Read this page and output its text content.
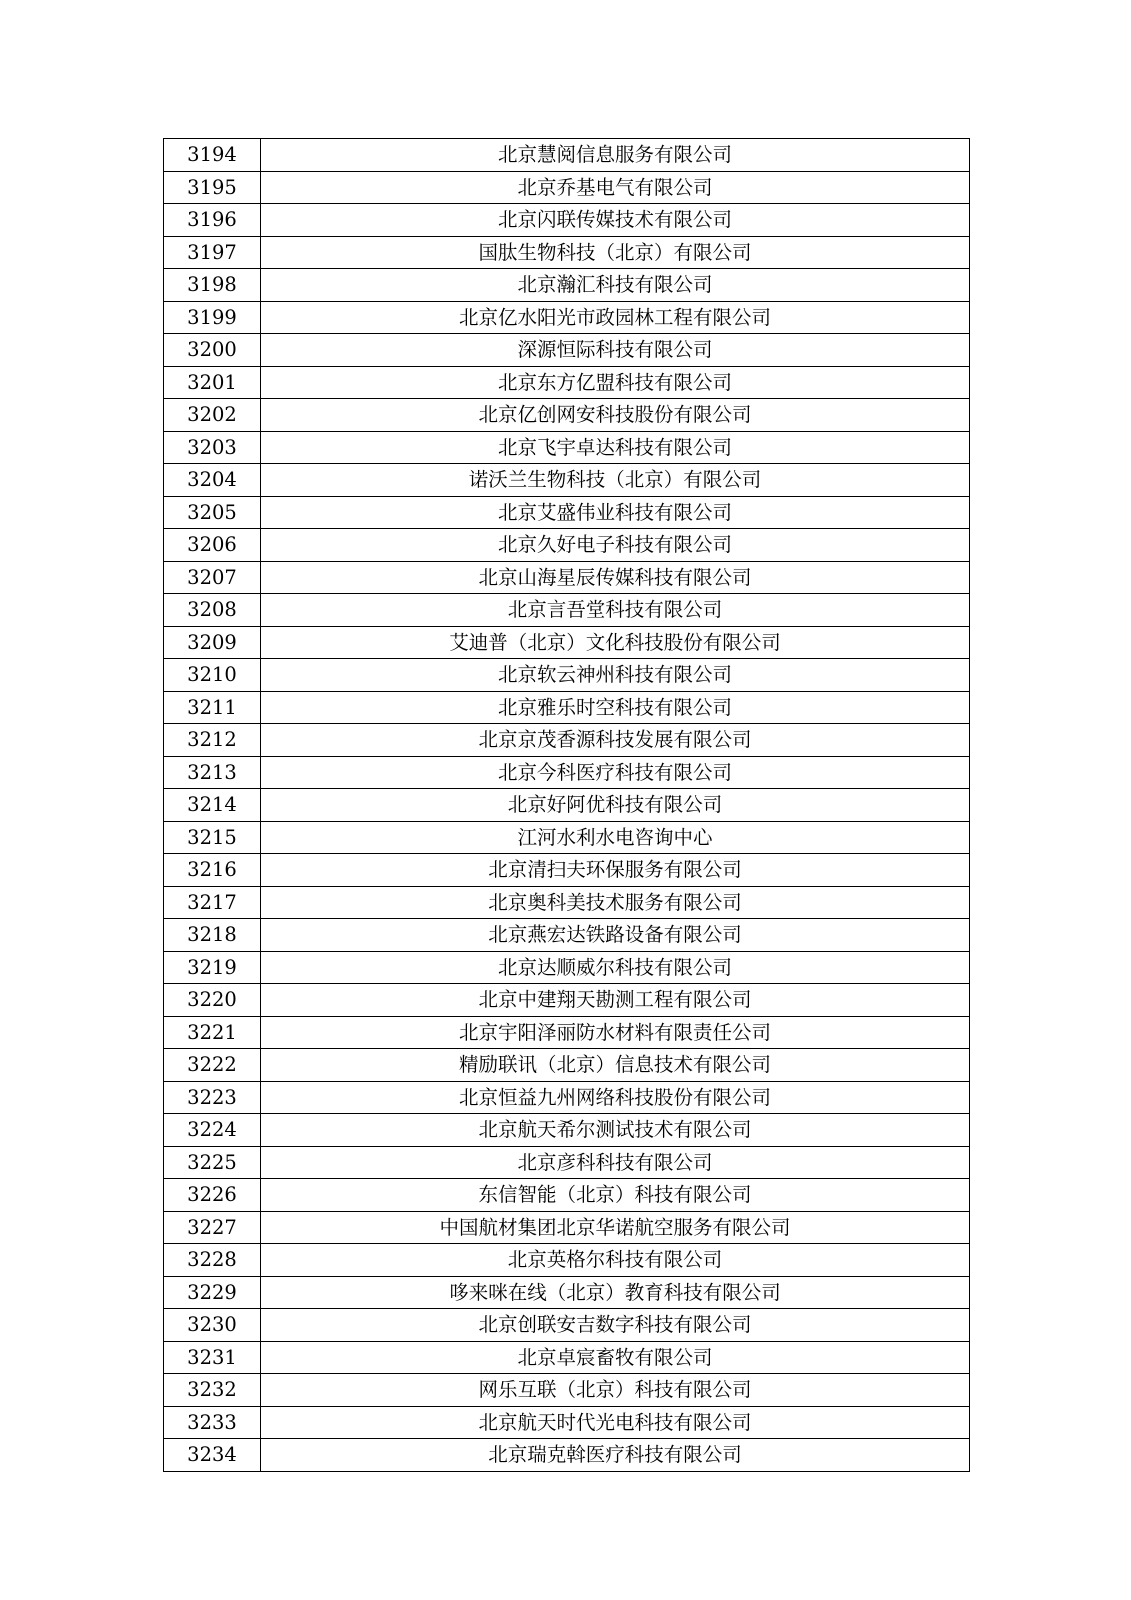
3194	北京慧阅信息服务有限公司
3195	北京乔基电气有限公司
3196	北京闪联传媒技术有限公司
3197	国肽生物科技（北京）有限公司
3198	北京瀚汇科技有限公司
3199	北京亿水阳光市政园林工程有限公司
3200	深源恒际科技有限公司
3201	北京东方亿盟科技有限公司
3202	北京亿创网安科技股份有限公司
3203	北京飞宇卓达科技有限公司
3204	诺沃兰生物科技（北京）有限公司
3205	北京艾盛伟业科技有限公司
3206	北京久好电子科技有限公司
3207	北京山海星辰传媒科技有限公司
3208	北京言吾堂科技有限公司
3209	艾迪普（北京）文化科技股份有限公司
3210	北京软云神州科技有限公司
3211	北京雅乐时空科技有限公司
3212	北京京茂香源科技发展有限公司
3213	北京今科医疗科技有限公司
3214	北京好阿优科技有限公司
3215	江河水利水电咨询中心
3216	北京清扫夫环保服务有限公司
3217	北京奥科美技术服务有限公司
3218	北京燕宏达铁路设备有限公司
3219	北京达顺威尔科技有限公司
3220	北京中建翔天勘测工程有限公司
3221	北京宇阳泽丽防水材料有限责任公司
3222	精励联讯（北京）信息技术有限公司
3223	北京恒益九州网络科技股份有限公司
3224	北京航天希尔测试技术有限公司
3225	北京彦科科技有限公司
3226	东信智能（北京）科技有限公司
3227	中国航材集团北京华诺航空服务有限公司
3228	北京英格尔科技有限公司
3229	哆来咪在线（北京）教育科技有限公司
3230	北京创联安吉数字科技有限公司
3231	北京卓宸畜牧有限公司
3232	网乐互联（北京）科技有限公司
3233	北京航天时代光电科技有限公司
3234	北京瑞克斡医疗科技有限公司
